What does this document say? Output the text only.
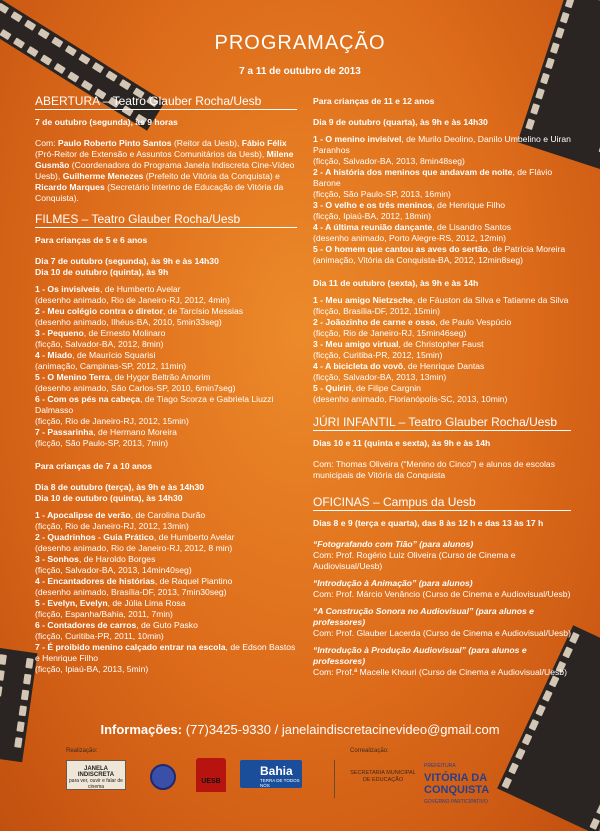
PROGRAMAÇÃO
7 a 11 de outubro de 2013
ABERTURA – Teatro Glauber Rocha/Uesb

7 de outubro (segunda), às 9 horas

Com: Paulo Roberto Pinto Santos (Reitor da Uesb), Fábio Félix (Pró-Reitor de Extensão e Assuntos Comunitários da Uesb), Milene Gusmão (Coordenadora do Programa Janela Indiscreta Cine-Vídeo Uesb), Guilherme Menezes (Prefeito de Vitória da Conquista) e Ricardo Marques (Secretário Interino de Educação de Vitória da Conquista).

FILMES – Teatro Glauber Rocha/Uesb

Para crianças de 5 e 6 anos

Dia 7 de outubro (segunda), às 9h e às 14h30
Dia 10 de outubro (quinta), às 9h
1 - Os invisíveis, de Humberto Avelar
(desenho animado, Rio de Janeiro-RJ, 2012, 4min)
2 - Meu colégio contra o diretor, de Tarcísio Messias
(desenho animado, Ilhéus-BA, 2010, 5min33seg)
3 - Pequeno, de Ernesto Molinaro
(ficção, Salvador-BA, 2012, 8min)
4 - Miado, de Maurício Squarisi
(animação, Campinas-SP, 2012, 11min)
5 - O Menino Terra, de Hygor Beltrão Amorim
(desenho animado, São Carlos-SP, 2010, 6min7seg)
6 - Com os pés na cabeça, de Tiago Scorza e Gabriela Liuzzi Dalmasso
(ficção, Rio de Janeiro-RJ, 2012, 15min)
7 - Passarinha, de Hermano Moreira
(ficção, São Paulo-SP, 2013, 7min)

Para crianças de 7 a 10 anos

Dia 8 de outubro (terça), às 9h e às 14h30
Dia 10 de outubro (quinta), às 14h30
1 - Apocalipse de verão, de Carolina Durão
(ficção, Rio de Janeiro-RJ, 2012, 13min)
2 - Quadrinhos - Guia Prático, de Humberto Avelar
(desenho animado, Rio de Janeiro-RJ, 2012, 8 min)
3 - Sonhos, de Haroldo Borges
(ficção, Salvador-BA, 2013, 14min40seg)
4 - Encantadores de histórias, de Raquel Piantino
(desenho animado, Brasília-DF, 2013, 7min30seg)
5 - Evelyn, Evelyn, de Júlia Lima Rosa
(ficção, Espanha/Bahia, 2011, 7min)
6 - Contadores de carros, de Guto Pasko
(ficção, Curitiba-PR, 2011, 10min)
7 - É proibido menino calçado entrar na escola, de Edson Bastos e Henrique Filho
(ficção, Ipiaú-BA, 2013, 5min)

Para crianças de 11 e 12 anos

Dia 9 de outubro (quarta), às 9h e às 14h30
1 - O menino invisível, de Murilo Deolino, Danilo Umbelino e Uiran Paranhos
(ficção, Salvador-BA, 2013, 8min48seg)
2 - A história dos meninos que andavam de noite, de Flávio Barone
(ficção, São Paulo-SP, 2013, 16min)
3 - O velho e os três meninos, de Henrique Filho
(ficção, Ipiaú-BA, 2012, 18min)
4 - A última reunião dançante, de Lisandro Santos
(desenho animado, Porto Alegre-RS, 2012, 12min)
5 - O homem que cantou as aves do sertão, de Patrícia Moreira
(animação, Vitória da Conquista-BA, 2012, 12min8seg)
Dia 11 de outubro (sexta), às 9h e às 14h
1 - Meu amigo Nietzsche, de Fáuston da Silva e Tatianne da Silva
(ficção, Brasília-DF, 2012, 15min)
2 - Joãozinho de carne e osso, de Paulo Vespúcio
(ficção, Rio de Janeiro-RJ, 15min46seg)
3 - Meu amigo virtual, de Christopher Faust
(ficção, Curitiba-PR, 2012, 15min)
4 - A bicicleta do vovô, de Henrique Dantas
(ficção, Salvador-BA, 2013, 13min)
5 - Quiriri, de Filipe Cargnin
(desenho animado, Florianópolis-SC, 2013, 10min)
JÚRI INFANTIL – Teatro Glauber Rocha/Uesb

Dias 10 e 11 (quinta e sexta), às 9h e às 14h

Com: Thomas Oliveira (“Menino do Cinco”) e alunos de escolas municipais de Vitória da Conquista

OFICINAS – Campus da Uesb

Dias 8 e 9 (terça e quarta), das 8 às 12 h e das 13 às 17 h

“Fotografando com Tião” (para alunos)
Com: Prof. Rogério Luiz Oliveira (Curso de Cinema e Audiovisual/Uesb)
“Introdução à Animação” (para alunos)
Com: Prof. Márcio Venâncio (Curso de Cinema e Audiovisual/Uesb)
“A Construção Sonora no Audiovisual” (para alunos e professores)
Com: Prof. Glauber Lacerda (Curso de Cinema e Audiovisual/Uesb)
“Introdução à Produção Audiovisual” (para alunos e professores)
Com: Prof.ª Macelle Khouri (Curso de Cinema e Audiovisual/Uesb)
Informações: (77)3425-9330 / janelaindiscretacinevideo@gmail.com
Realização:	Correalização:
JANELA INDISCRETA
para ver, ouvir e falar de cinema
UESB
Bahia
TERRA DE TODOS NÓS
SECRETARIA MUNICIPAL DE EDUCAÇÃO
PREFEITURA
VITÓRIA DA
CONQUISTA
GOVERNO PARTICIPATIVO
